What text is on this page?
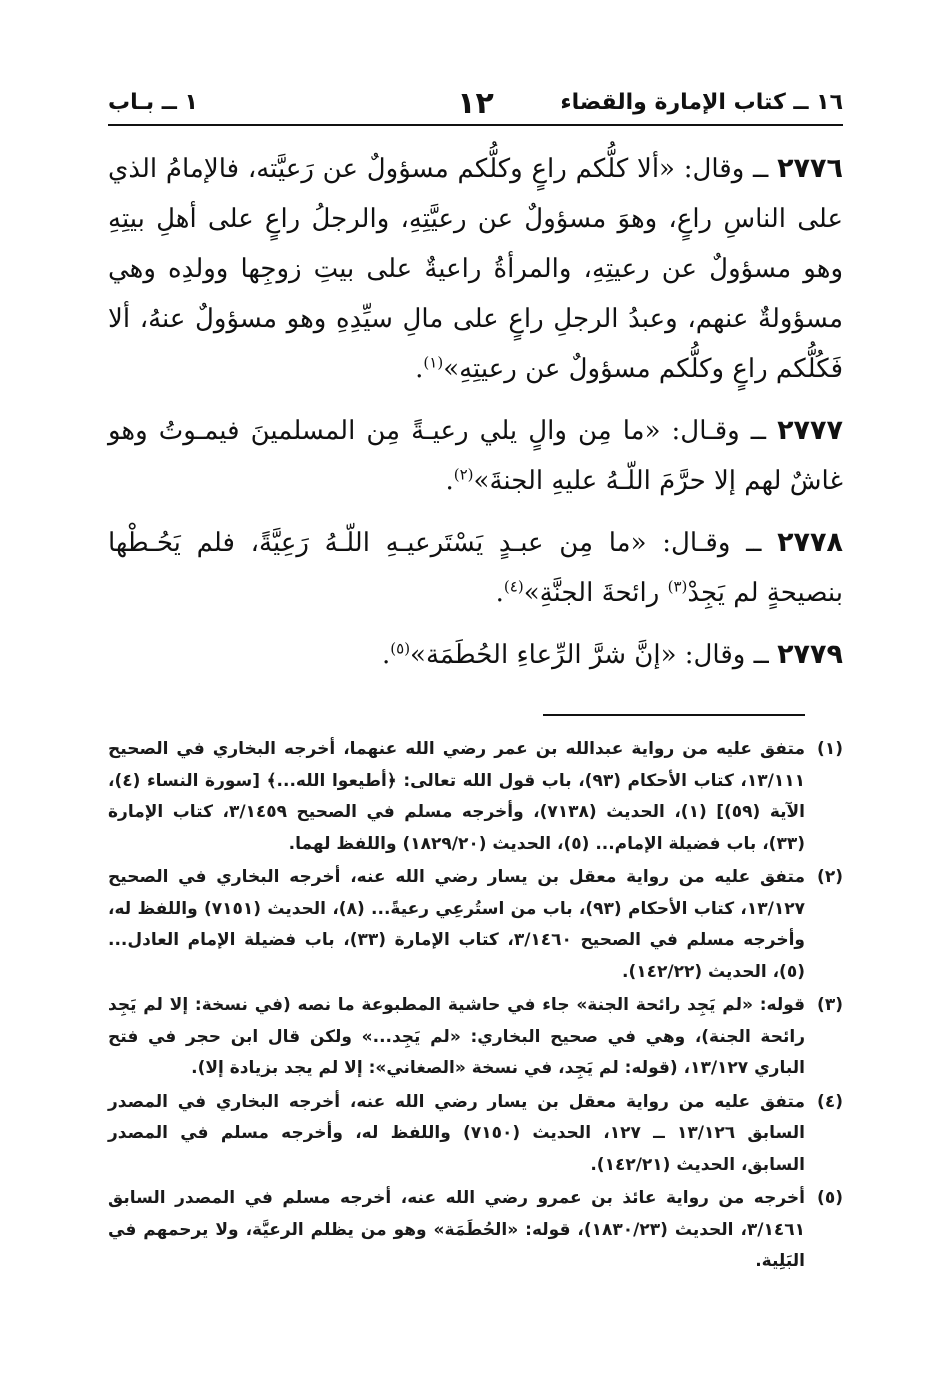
١٦ ــ كتاب الإمارة والقضاء
١٢
١ ــ بـاب

٢٧٧٦ ــ وقال: «ألا كلُّكم راعٍ وكلُّكم مسؤولٌ عن رَعيَّته، فالإمامُ الذي على الناسِ راعٍ، وهوَ مسؤولٌ عن رعيَّتِهِ، والرجلُ راعٍ على أهلِ بيتِهِ وهو مسؤولٌ عن رعيتِهِ، والمرأةُ راعيةٌ على بيتِ زوجِها وولدِه وهي مسؤولةٌ عنهم، وعبدُ الرجلِ راعٍ على مالِ سيِّدِهِ وهو مسؤولٌ عنهُ، ألا فَكُلُّكم راعٍ وكلُّكم مسؤولٌ عن رعيتِهِ»$^{(١)}$.

٢٧٧٧ ــ وقـال: «ما مِن والٍ يلي رعيـةً مِن المسلمينَ فيمـوتُ وهو غاشٌ لهم إلا حرَّمَ اللّـهُ عليهِ الجنةَ»$^{(٢)}$.

٢٧٧٨ ــ وقـال: «ما مِن عبـدٍ يَسْتَرعيـهِ اللّـهُ رَعِيَّةً، فلم يَحُـطْها بنصيحةٍ لم يَجِدْ$^{(٣)}$ رائحةَ الجنَّةِ»$^{(٤)}$.

٢٧٧٩ ــ وقال: «إنَّ شرَّ الرِّعاءِ الحُطَمَة»$^{(٥)}$.

(١)
متفق عليه من رواية عبدالله بن عمر رضي الله عنهما، أخرجه البخاري في الصحيح ١٣/١١١، كتاب الأحكام (٩٣)، باب قول الله تعالى: ﴿أطيعوا الله...﴾ [سورة النساء (٤)، الآية (٥٩)] (١)، الحديث (٧١٣٨)، وأخرجه مسلم في الصحيح ٣/١٤٥٩، كتاب الإمارة (٣٣)، باب فضيلة الإمام... (٥)، الحديث (١٨٢٩/٢٠) واللفظ لهما.
(٢)
متفق عليه من رواية معقل بن يسار رضي الله عنه، أخرجه البخاري في الصحيح ١٣/١٢٧، كتاب الأحكام (٩٣)، باب من استُرعِي رعيةً... (٨)، الحديث (٧١٥١) واللفظ له، وأخرجه مسلم في الصحيح ٣/١٤٦٠، كتاب الإمارة (٣٣)، باب فضيلة الإمام العادل... (٥)، الحديث (١٤٢/٢٢).
(٣)
قوله: «لم يَجِد رائحة الجنة» جاء في حاشية المطبوعة ما نصه (في نسخة: إلا لم يَجِد رائحة الجنة)، وهي في صحيح البخاري: «لم يَجِد...» ولكن قال ابن حجر في فتح الباري ١٣/١٢٧، (قوله: لم يَجِد، في نسخة «الصغاني»: إلا لم يجد بزيادة إلا).
(٤)
متفق عليه من رواية معقل بن يسار رضي الله عنه، أخرجه البخاري في المصدر السابق ١٣/١٢٦ ــ ١٢٧، الحديث (٧١٥٠) واللفظ له، وأخرجه مسلم في المصدر السابق، الحديث (١٤٢/٢١).
(٥)
أخرجه من رواية عائذ بن عمرو رضي الله عنه، أخرجه مسلم في المصدر السابق ٣/١٤٦١، الحديث (١٨٣٠/٢٣)، قوله: «الحُطَمَة» وهو من يظلم الرعيَّة، ولا يرحمهم في البَلِية.
